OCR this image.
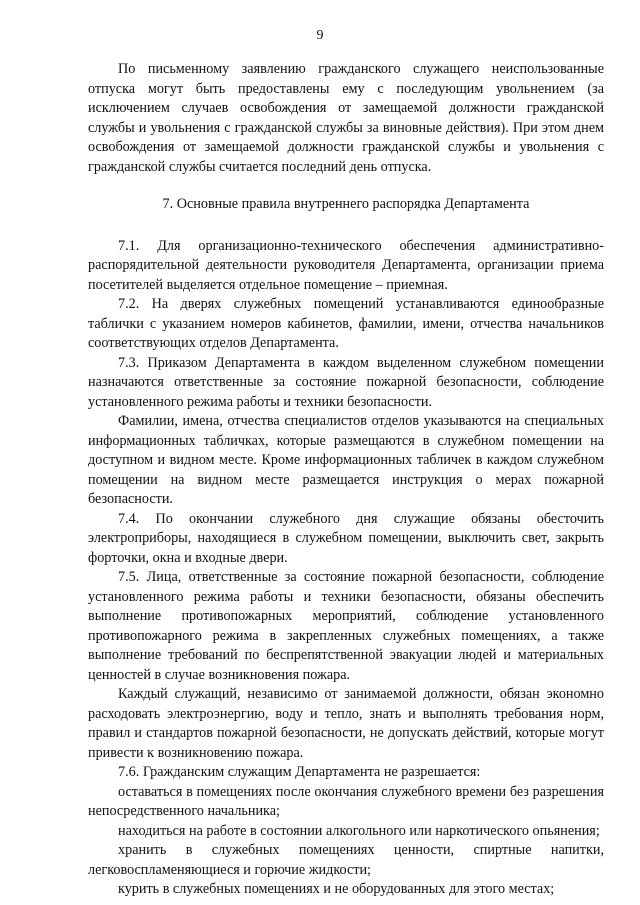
9

По письменному заявлению гражданского служащего неиспользованные отпуска могут быть предоставлены ему с последующим увольнением (за исключением случаев освобождения от замещаемой должности гражданской службы и увольнения с гражданской службы за виновные действия). При этом днем освобождения от замещаемой должности гражданской службы и увольнения с гражданской службы считается последний день отпуска.

7. Основные правила внутреннего распорядка Департамента

7.1. Для организационно-технического обеспечения административно-распорядительной деятельности руководителя Департамента, организации приема посетителей выделяется отдельное помещение – приемная.

7.2. На дверях служебных помещений устанавливаются единообразные таблички с указанием номеров кабинетов, фамилии, имени, отчества начальников соответствующих отделов Департамента.

7.3. Приказом Департамента в каждом выделенном служебном помещении назначаются ответственные за состояние пожарной безопасности, соблюдение установленного режима работы и техники безопасности.

Фамилии, имена, отчества специалистов отделов указываются на специальных информационных табличках, которые размещаются в служебном помещении на доступном и видном месте. Кроме информационных табличек в каждом служебном помещении на видном месте размещается инструкция о мерах пожарной безопасности.

7.4. По окончании служебного дня служащие обязаны обесточить электроприборы, находящиеся в служебном помещении, выключить свет, закрыть форточки, окна и входные двери.

7.5. Лица, ответственные за состояние пожарной безопасности, соблюдение установленного режима работы и техники безопасности, обязаны обеспечить выполнение противопожарных мероприятий, соблюдение установленного противопожарного режима в закрепленных служебных помещениях, а также выполнение требований по беспрепятственной эвакуации людей и материальных ценностей в случае возникновения пожара.

Каждый служащий, независимо от занимаемой должности, обязан экономно расходовать электроэнергию, воду и тепло, знать и выполнять требования норм, правил и стандартов пожарной безопасности, не допускать действий, которые могут привести к возникновению пожара.

7.6. Гражданским служащим Департамента не разрешается:

оставаться в помещениях после окончания служебного времени без разрешения непосредственного начальника;

находиться на работе в состоянии алкогольного или наркотического опьянения;

хранить в служебных помещениях ценности, спиртные напитки, легковоспламеняющиеся и горючие жидкости;

курить в служебных помещениях и не оборудованных для этого местах;
